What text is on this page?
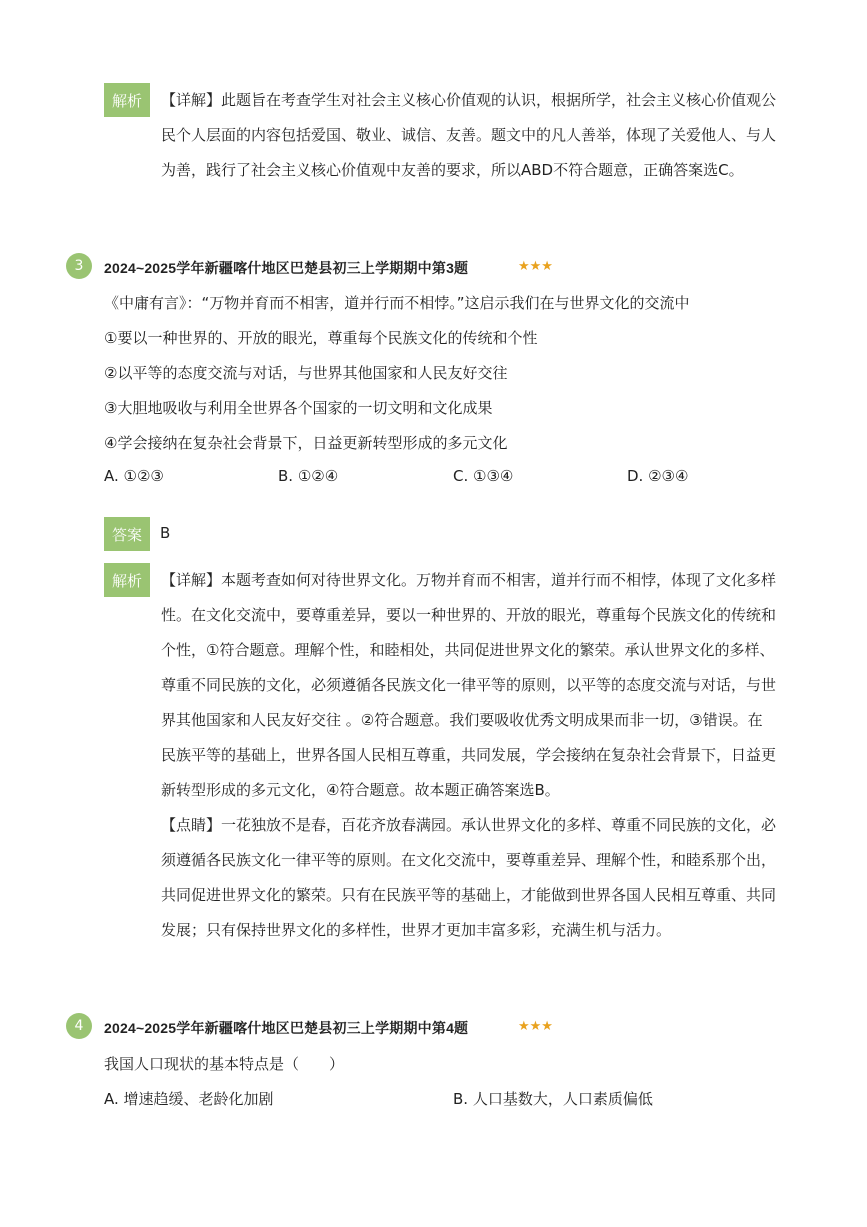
解析	【详解】此题旨在考查学生对社会主义核心价值观的认识，根据所学，社会主义核心价值观公
民个人层面的内容包括爱国、敬业、诚信、友善。题文中的凡人善举，体现了关爱他人、与人
为善，践行了社会主义核心价值观中友善的要求，所以ABD不符合题意，正确答案选C。
3	2024~2025学年新疆喀什地区巴楚县初三上学期期中第3题	★★★
《中庸有言》：“万物并育而不相害，道并行而不相悖。”这启示我们在与世界文化的交流中
①要以一种世界的、开放的眼光，尊重每个民族文化的传统和个性
②以平等的态度交流与对话，与世界其他国家和人民友好交往
③大胆地吸收与利用全世界各个国家的一切文明和文化成果
④学会接纳在复杂社会背景下，日益更新转型形成的多元文化
A. ①②③	B. ①②④	C. ①③④	D. ②③④
答案	B
解析	【详解】本题考查如何对待世界文化。万物并育而不相害，道并行而不相悖，体现了文化多样
性。在文化交流中，要尊重差异，要以一种世界的、开放的眼光，尊重每个民族文化的传统和
个性，①符合题意。理解个性，和睦相处，共同促进世界文化的繁荣。承认世界文化的多样、
尊重不同民族的文化，必须遵循各民族文化一律平等的原则，以平等的态度交流与对话，与世
界其他国家和人民友好交往 。②符合题意。我们要吸收优秀文明成果而非一切，③错误。在
民族平等的基础上，世界各国人民相互尊重，共同发展，学会接纳在复杂社会背景下，日益更
新转型形成的多元文化，④符合题意。故本题正确答案选B。
【点睛】一花独放不是春，百花齐放春满园。承认世界文化的多样、尊重不同民族的文化，必
须遵循各民族文化一律平等的原则。在文化交流中，要尊重差异、理解个性，和睦系那个出，
共同促进世界文化的繁荣。只有在民族平等的基础上，才能做到世界各国人民相互尊重、共同
发展；只有保持世界文化的多样性，世界才更加丰富多彩，充满生机与活力。
4	2024~2025学年新疆喀什地区巴楚县初三上学期期中第4题	★★★
我国人口现状的基本特点是（　　）
A. 增速趋缓、老龄化加剧	B. 人口基数大，人口素质偏低
